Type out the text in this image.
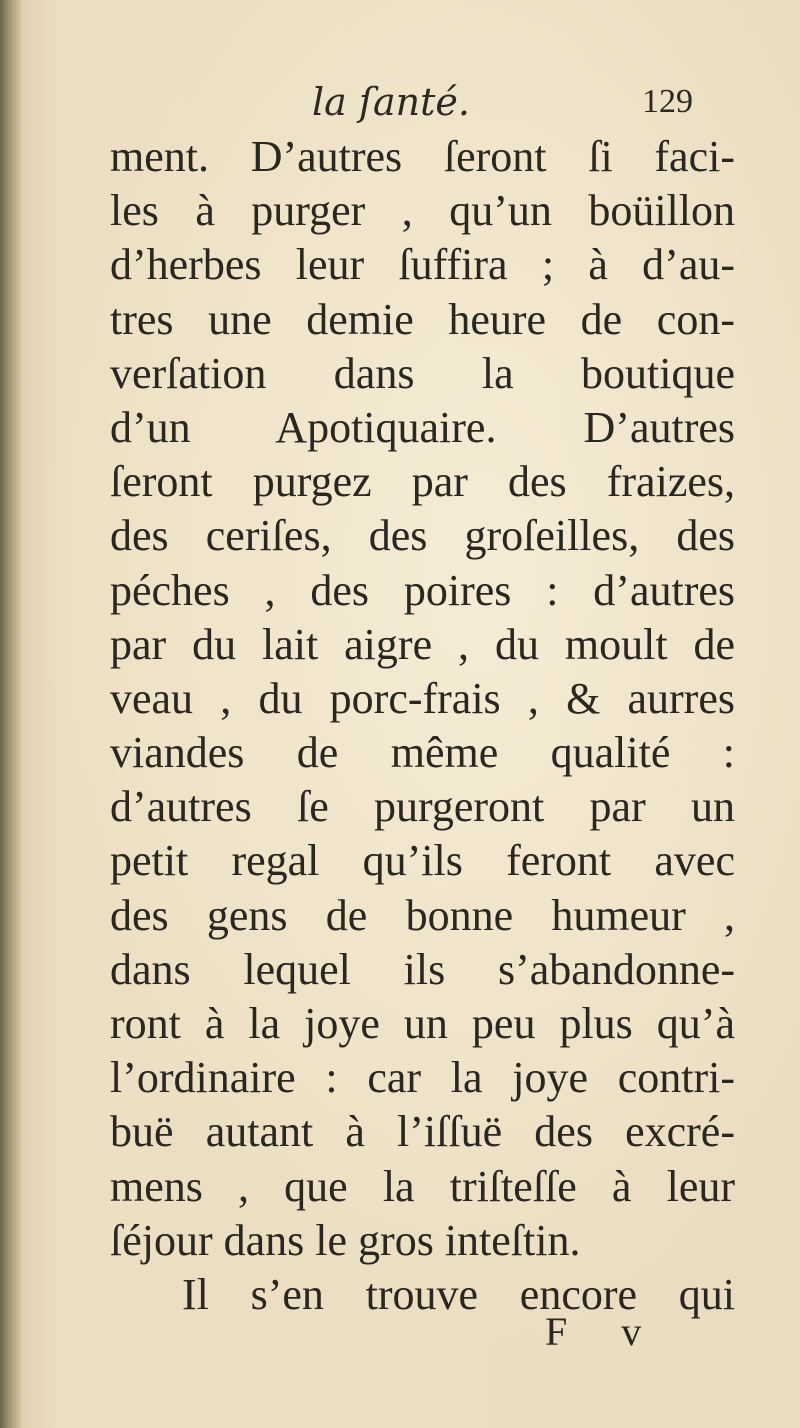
la ſanté.	129
ment. D’autres ſeront ſi faci-
les à purger , qu’un boüillon
d’herbes leur ſuffira ; à d’au-
tres une demie heure de con-
verſation dans la boutique
d’un Apotiquaire. D’autres
ſeront purgez par des fraizes,
des ceriſes, des groſeilles, des
péches , des poires : d’autres
par du lait aigre , du moult de
veau , du porc-frais , & aurres
viandes de même qualité :
d’autres ſe purgeront par un
petit regal qu’ils feront avec
des gens de bonne humeur ,
dans lequel ils s’abandonne-
ront à la joye un peu plus qu’à
l’ordinaire : car la joye contri-
buë autant à l’iſſuë des excré-
mens , que la triſteſſe à leur
ſéjour dans le gros inteſtin.
Il s’en trouve encore qui
F v
